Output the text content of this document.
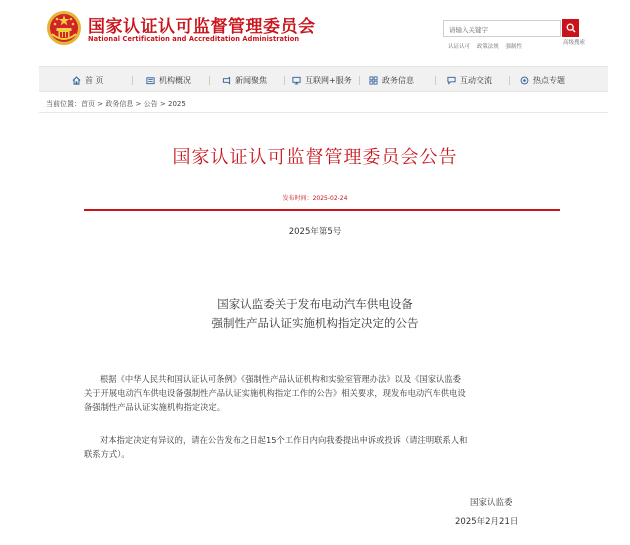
国家认证认可监督管理委员会
National Certification and Accreditation Administration
请输入关键字
高级搜索
认证认可 政策法规 强制性
首 页	机构概况	新闻聚焦	互联网+服务	政务信息	互动交流	热点专题
当前位置：首页 > 政务信息 > 公告 > 2025
国家认证认可监督管理委员会公告
发布时间：2025-02-24
2025年第5号
国家认监委关于发布电动汽车供电设备
强制性产品认证实施机构指定决定的公告
根据《中华人民共和国认证认可条例》《强制性产品认证机构和实验室管理办法》以及《国家认监委
关于开展电动汽车供电设备强制性产品认证实施机构指定工作的公告》相关要求，现发布电动汽车供电设
备强制性产品认证实施机构指定决定。
对本指定决定有异议的，请在公告发布之日起15个工作日内向我委提出申诉或投诉（请注明联系人和
联系方式）。
国家认监委
2025年2月21日
